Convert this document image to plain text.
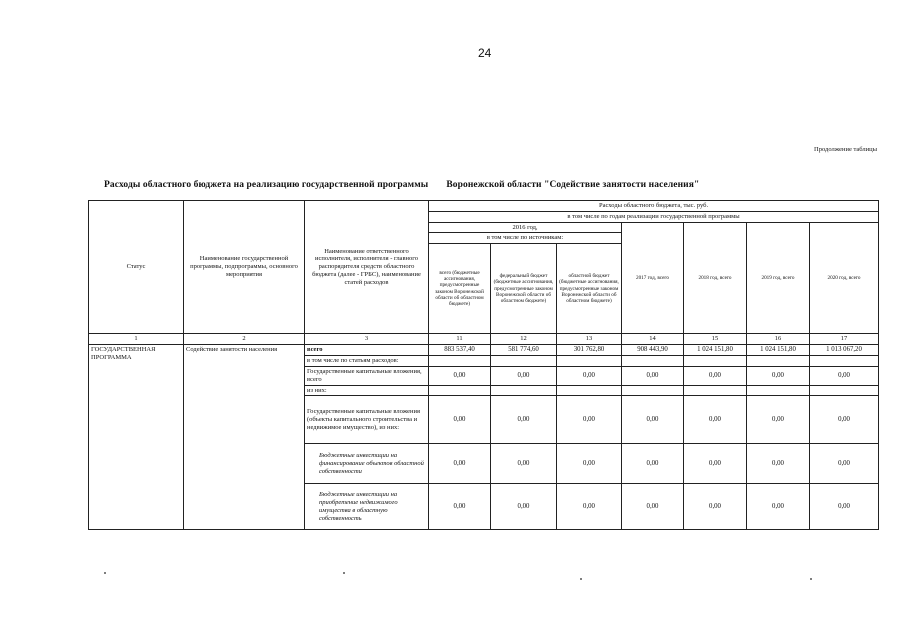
24
Продолжение таблицы
Расходы областного бюджета на реализацию государственной программы Воронежской области "Содействие занятости населения"
Статус	Наименование государственной программы, подпрограммы, основного мероприятия	Наименование ответственного исполнителя, исполнителя - главного распорядителя средств областного бюджета (далее - ГРБС), наименование статей расходов	Расходы областного бюджета, тыс. руб.						
			в том числе по годам реализации государственной программы						
			2016 год,			2017 год, всего	2018 год, всего	2019 год, всего	2020 год, всего
			в том числе по источникам:						
			всего (бюджетные ассигнования, предусмотренные законом Воронежской области об областном бюджете)	федеральный бюджет (бюджетные ассигнования, предусмотренные законом Воронежской области об областном бюджете)	областной бюджет (бюджетные ассигнования, предусмотренные законом Воронежской области об областном бюджете)				
1	2	3	11	12	13	14	15	16	17
ГОСУДАРСТВЕННАЯ ПРОГРАММА	Содействие занятости населения	всего	883 537,40	581 774,60	301 762,80	908 443,90	1 024 151,80	1 024 151,80	1 013 067,20
		в том числе по статьям расходов:							
		Государственные капитальные вложения, всего	0,00	0,00	0,00	0,00	0,00	0,00	0,00
		из них:							
		Государственные капитальные вложения (объекты капитального строительства и недвижимое имущество), из них:	0,00	0,00	0,00	0,00	0,00	0,00	0,00
		Бюджетные инвестиции на финансирование объектов областной собственности	0,00	0,00	0,00	0,00	0,00	0,00	0,00
		Бюджетные инвестиции на приобретение недвижимого имущества в областную собственность	0,00	0,00	0,00	0,00	0,00	0,00	0,00
